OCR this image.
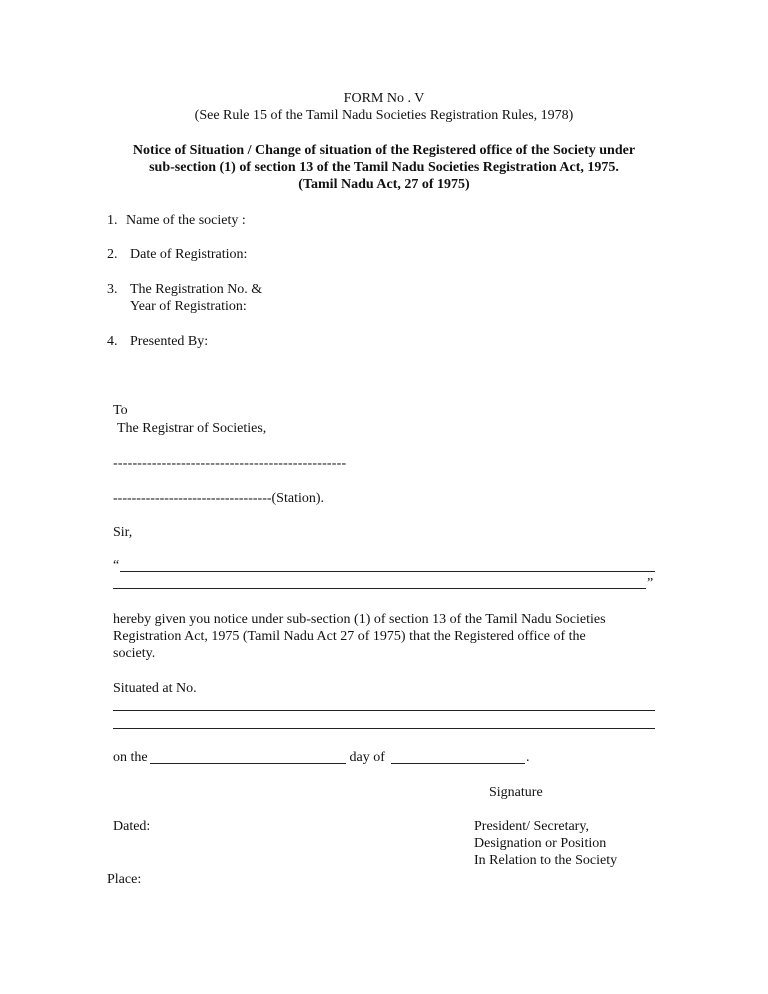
FORM No . V
(See Rule 15 of the Tamil Nadu Societies Registration Rules, 1978)
Notice of Situation / Change of situation of the Registered office of the Society under
sub-section (1) of section 13 of the Tamil Nadu Societies Registration Act, 1975.
(Tamil Nadu Act, 27 of 1975)
1. Name of the society :
2. Date of Registration:
3. The Registration No. &
Year of Registration:
4. Presented By:
To
The Registrar of Societies,
------------------------------------------------
----------------------------------(Station).
Sir,
“
”
hereby given you notice under sub-section (1) of section 13 of the Tamil Nadu Societies
Registration Act, 1975 (Tamil Nadu Act 27 of 1975) that the Registered office of the
society.
Situated at No.
on the	day of	.
Signature
Dated:	President/ Secretary,
Designation or Position
In Relation to the Society
Place:
